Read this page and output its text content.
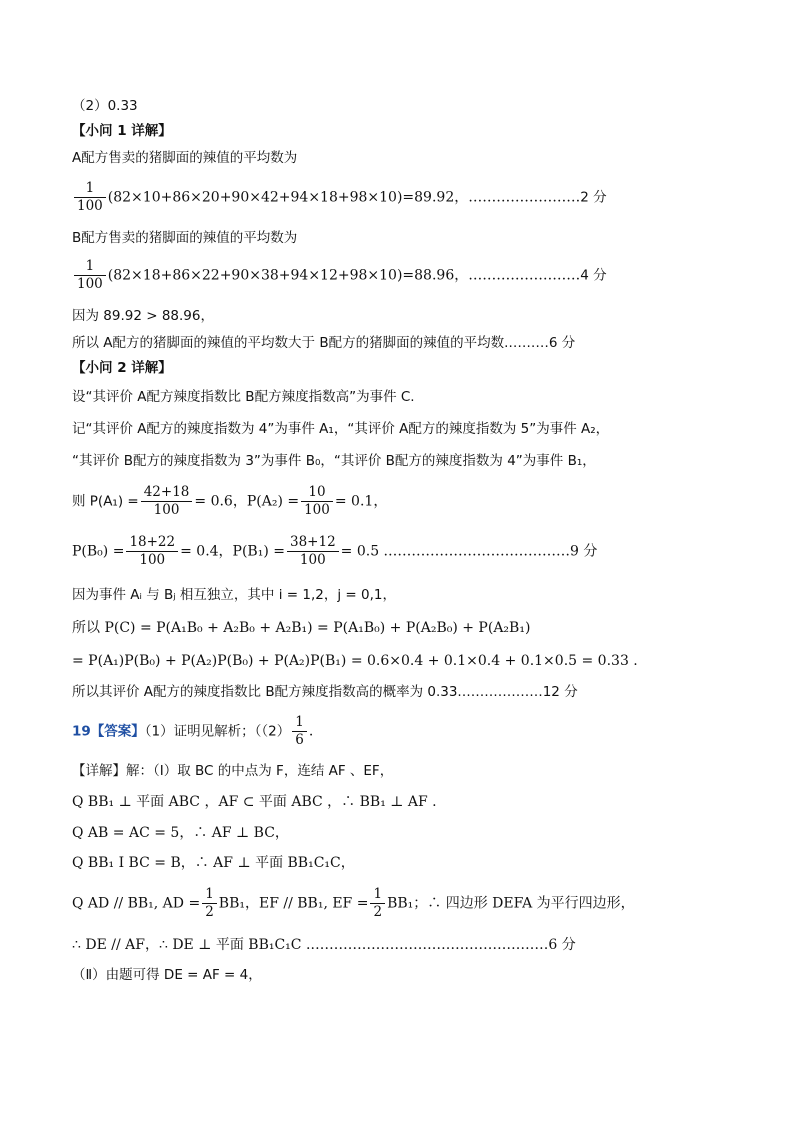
（2）0.33
【小问 1 详解】
A配方售卖的猪脚面的辣值的平均数为
$\frac{1}{100} (82\times 10+86\times 20+90\times 42+94\times 18+98\times 10)=89.92$，……………………2 分
B配方售卖的猪脚面的辣值的平均数为
$\frac{1}{100} (82\times 18+86\times 22+90\times 38+94\times 12+98\times 10)=88.96$，……………………4 分
因为 89.92 > 88.96，
所以 A配方的猪脚面的辣值的平均数大于 B配方的猪脚面的辣值的平均数.………6 分
【小问 2 详解】
设“其评价 A配方辣度指数比 B配方辣度指数高”为事件 C.
记“其评价 A配方的辣度指数为 4”为事件 A₁，“其评价 A配方的辣度指数为 5”为事件 A₂，
“其评价 B配方的辣度指数为 3”为事件 B₀，“其评价 B配方的辣度指数为 4”为事件 B₁，
则 $P(A_1) = \frac{42+18}{100} = 0.6$，$P(A_2) = \frac{10}{100} = 0.1$，
$P(B_0) = \frac{18+22}{100} = 0.4$，$P(B_1) = \frac{38+12}{100} = 0.5$ .…………………………………9 分
因为事件 Aᵢ 与 Bⱼ 相互独立，其中 i = 1,2，j = 0,1，
所以 P(C) = P(A₁B₀ + A₂B₀ + A₂B₁) = P(A₁B₀) + P(A₂B₀) + P(A₂B₁)
= P(A₁)P(B₀) + P(A₂)P(B₀) + P(A₂)P(B₁) = 0.6×0.4 + 0.1×0.4 + 0.1×0.5 = 0.33 .
所以其评价 A配方的辣度指数比 B配方辣度指数高的概率为 0.33.………………12 分
19【答案】（1）证明见解析；（$(2) \frac{1}{6}$ .
【详解】解：（Ⅰ）取 BC 的中点为 F，连结 AF 、EF，
Q BB₁ ⊥ 平面 ABC ，AF ⊂ 平面 ABC ，∴ BB₁ ⊥ AF .
Q AB = AC = 5，∴ AF ⊥ BC，
Q BB₁ I BC = B，∴ AF ⊥ 平面 BB₁C₁C，
Q AD // BB₁, AD = $\frac{1}{2} BB_1$，EF // BB₁, EF = $\frac{1}{2} BB_1$；∴ 四边形 DEFA 为平行四边形，
∴ DE // AF，∴ DE ⊥ 平面 BB₁C₁C .……………………………………………6 分
（Ⅱ）由题可得 DE = AF = 4，
